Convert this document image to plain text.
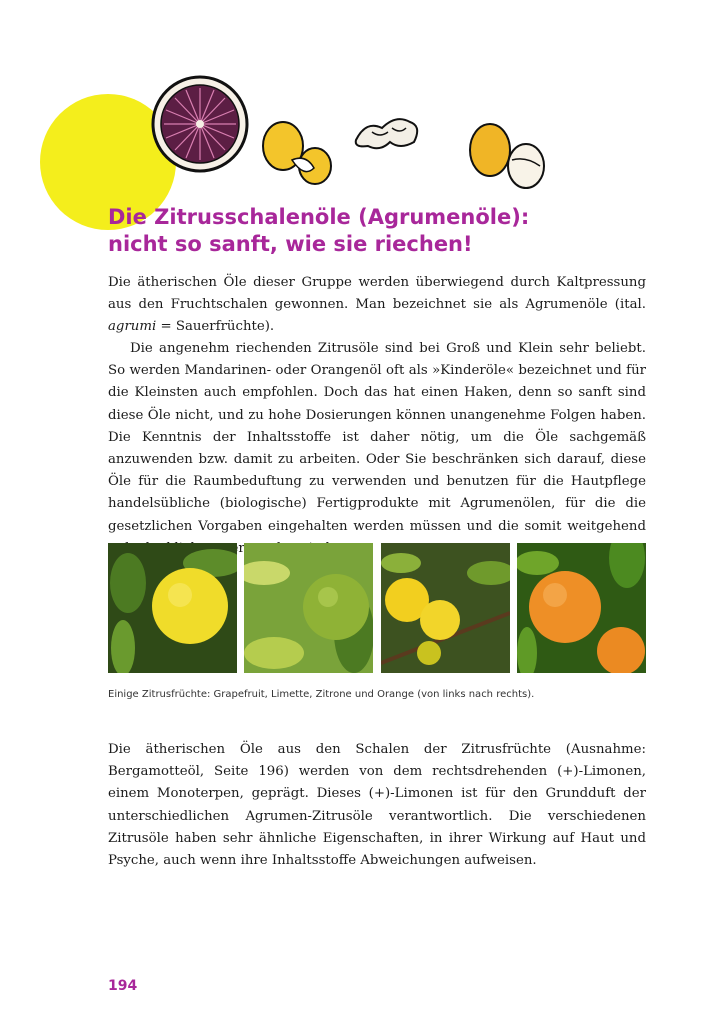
Die Zitrusschalenöle (Agrumenöle):
nicht so sanft, wie sie riechen!

Die ätherischen Öle dieser Gruppe werden überwiegend durch Kaltpressung aus den Fruchtschalen gewonnen. Man bezeichnet sie als Agrumenöle (ital. agrumi = Sauerfrüchte).

Die angenehm riechenden Zitrusöle sind bei Groß und Klein sehr beliebt. So werden Mandarinen- oder Orangenöl oft als »Kinderöle« bezeichnet und für die Kleinsten auch empfohlen. Doch das hat einen Haken, denn so sanft sind diese Öle nicht, und zu hohe Dosierungen können unangenehme Folgen haben. Die Kenntnis der Inhaltsstoffe ist daher nötig, um die Öle sachgemäß anzuwenden bzw. damit zu arbeiten. Oder Sie beschränken sich darauf, diese Öle für die Raumbeduftung zu verwenden und benutzen für die Hautpflege handelsübliche (biologische) Fertigprodukte mit Agrumenölen, für die die gesetzlichen Vorgaben eingehalten werden müssen und die somit weitgehend

Einige Zitrusfrüchte: Grapefruit, Limette, Zitrone und Orange (von links nach rechts).

Die ätherischen Öle aus den Schalen der Zitrusfrüchte (Ausnahme: Bergamotteöl, Seite 196) werden von dem rechtsdrehenden (+)-Limonen, einem Monoterpen, geprägt. Dieses (+)-Limonen ist für den Grundduft der unterschiedlichen Agrumen-Zitrusöle verantwortlich. Die verschiedenen Zitrusöle haben sehr ähnliche Eigenschaften, in ihrer Wirkung auf Haut und Psyche, auch wenn ihre Inhaltsstoffe Abweichungen aufweisen.

194
